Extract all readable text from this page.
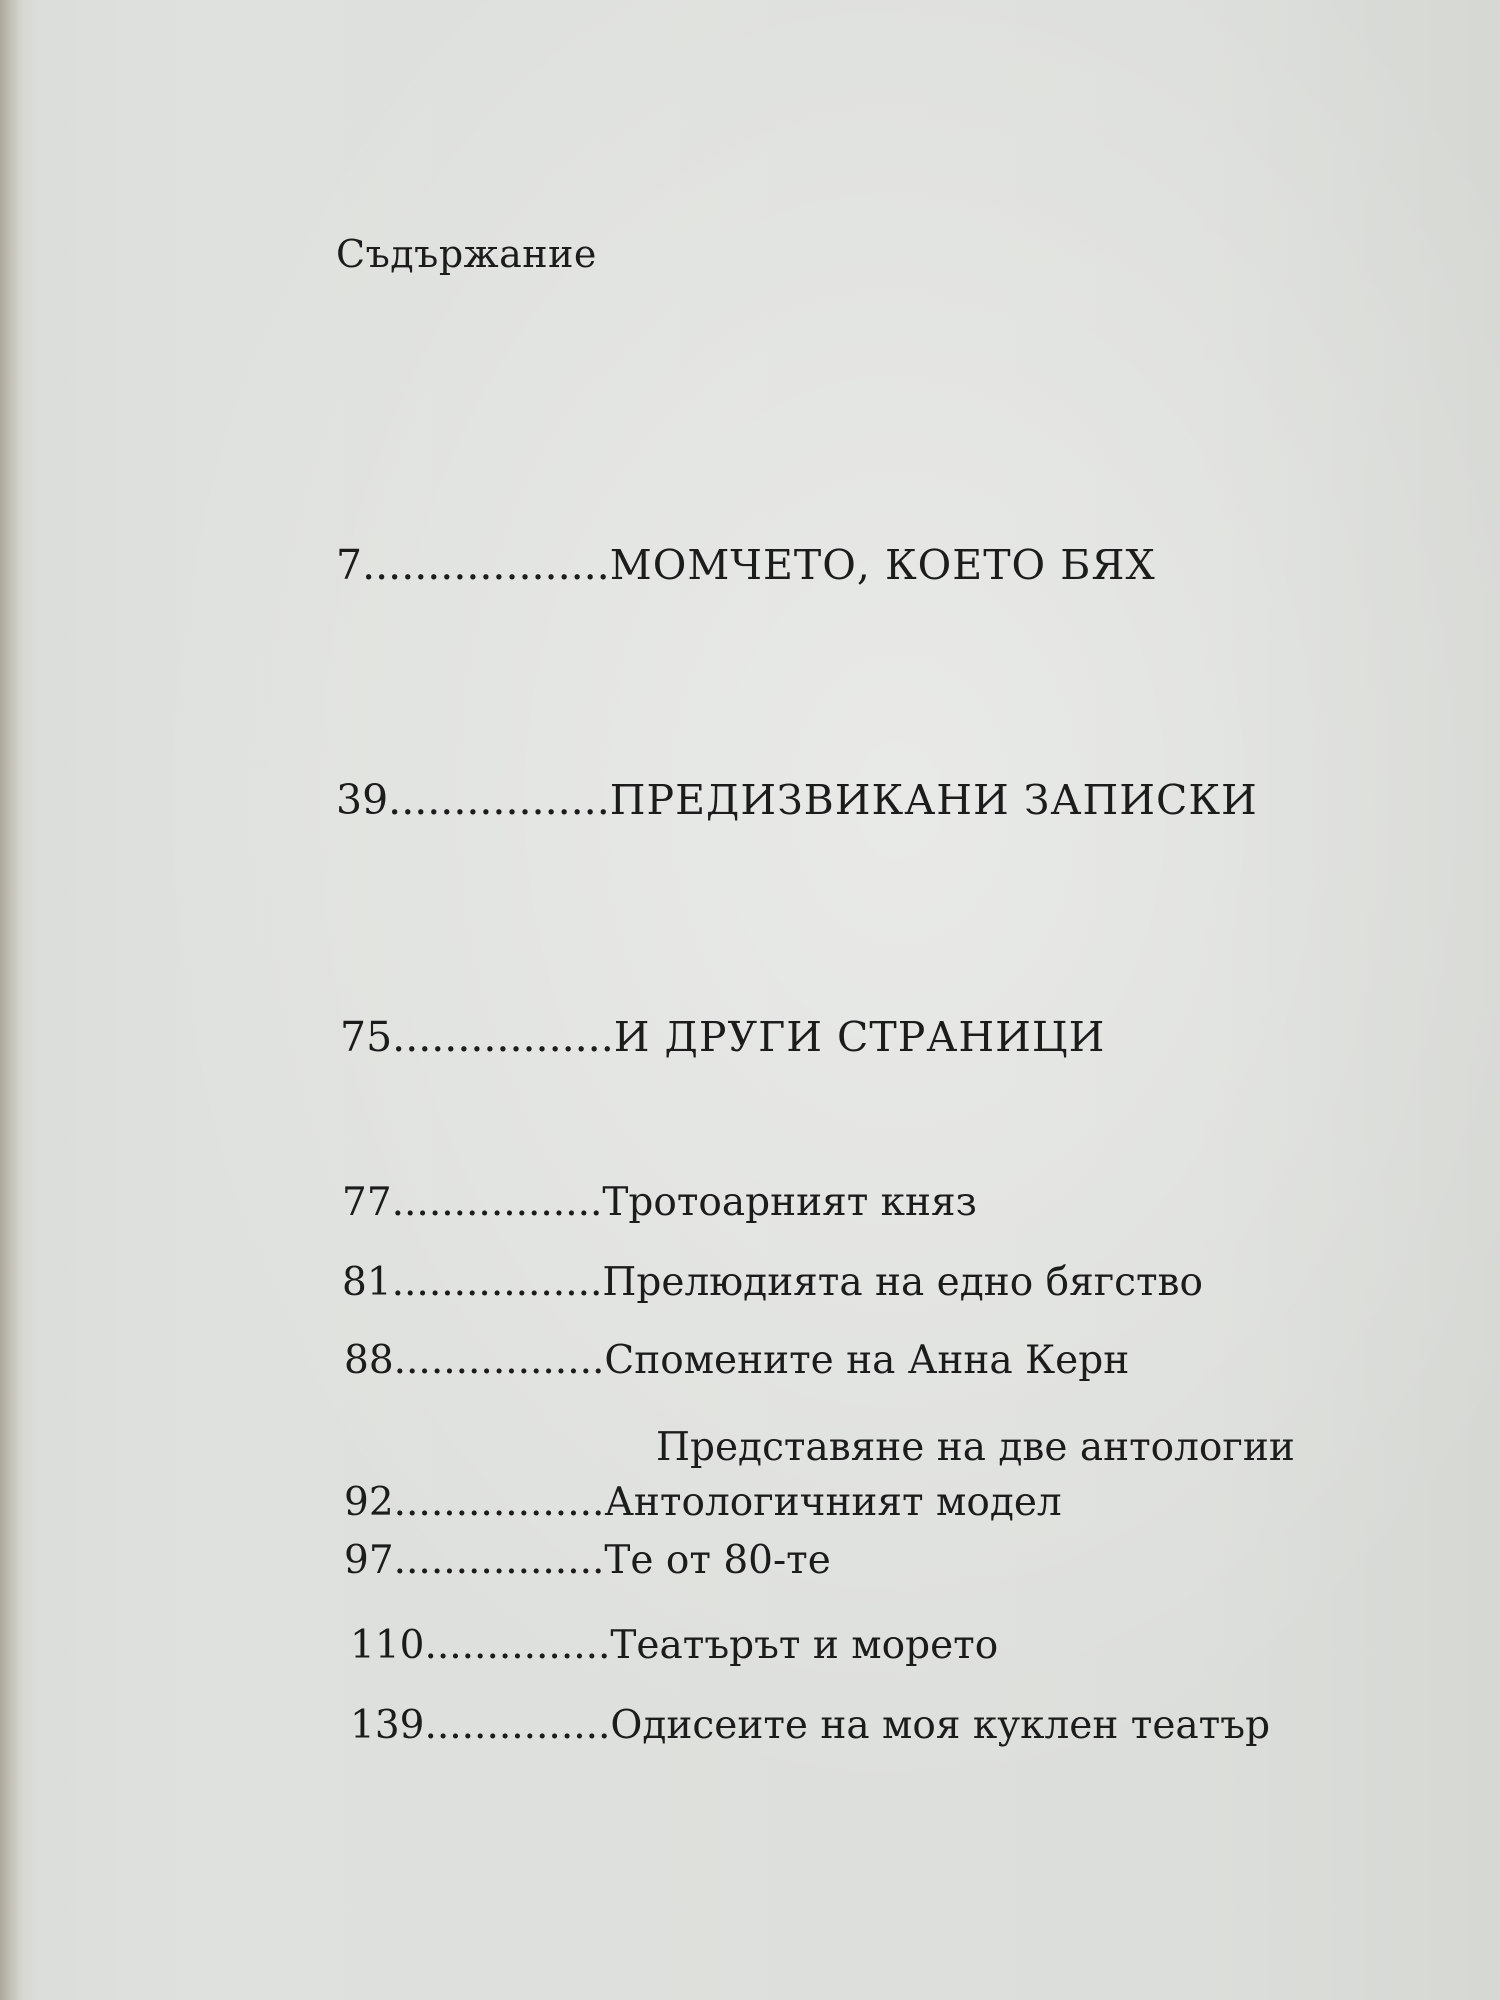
Съдържание
7...................МОМЧЕТО, КОЕТО БЯХ
39.................ПРЕДИЗВИКАНИ ЗАПИСКИ
75.................И ДРУГИ СТРАНИЦИ
77.................Тротоарният княз
81.................Прелюдията на едно бягство
88.................Спомените на Анна Керн
Представяне на две антологии
92.................Антологичният модел
97.................Те от 80-те
110...............Театърът и морето
139...............Одисеите на моя куклен театър
